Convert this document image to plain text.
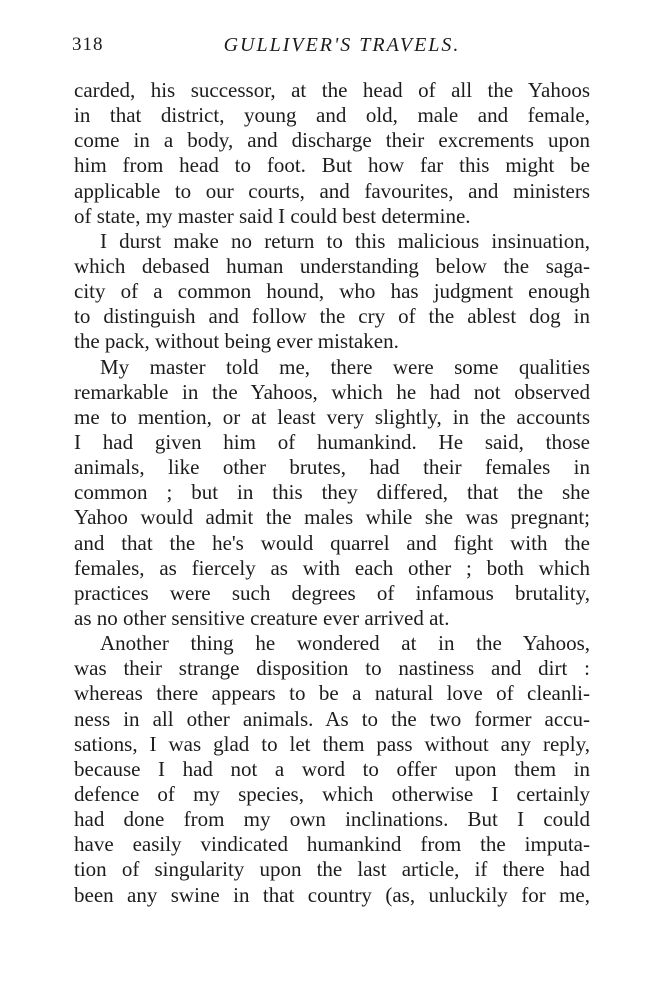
318	GULLIVER'S TRAVELS.
carded, his successor, at the head of all the Yahoos
in that district, young and old, male and female,
come in a body, and discharge their excrements upon
him from head to foot. But how far this might be
applicable to our courts, and favourites, and ministers
of state, my master said I could best determine.
I durst make no return to this malicious insinuation,
which debased human understanding below the saga-
city of a common hound, who has judgment enough
to distinguish and follow the cry of the ablest dog in
the pack, without being ever mistaken.
My master told me, there were some qualities
remarkable in the Yahoos, which he had not observed
me to mention, or at least very slightly, in the accounts
I had given him of humankind. He said, those
animals, like other brutes, had their females in
common ; but in this they differed, that the she
Yahoo would admit the males while she was pregnant;
and that the he's would quarrel and fight with the
females, as fiercely as with each other ; both which
practices were such degrees of infamous brutality,
as no other sensitive creature ever arrived at.
Another thing he wondered at in the Yahoos,
was their strange disposition to nastiness and dirt :
whereas there appears to be a natural love of cleanli-
ness in all other animals. As to the two former accu-
sations, I was glad to let them pass without any reply,
because I had not a word to offer upon them in
defence of my species, which otherwise I certainly
had done from my own inclinations. But I could
have easily vindicated humankind from the imputa-
tion of singularity upon the last article, if there had
been any swine in that country (as, unluckily for me,
